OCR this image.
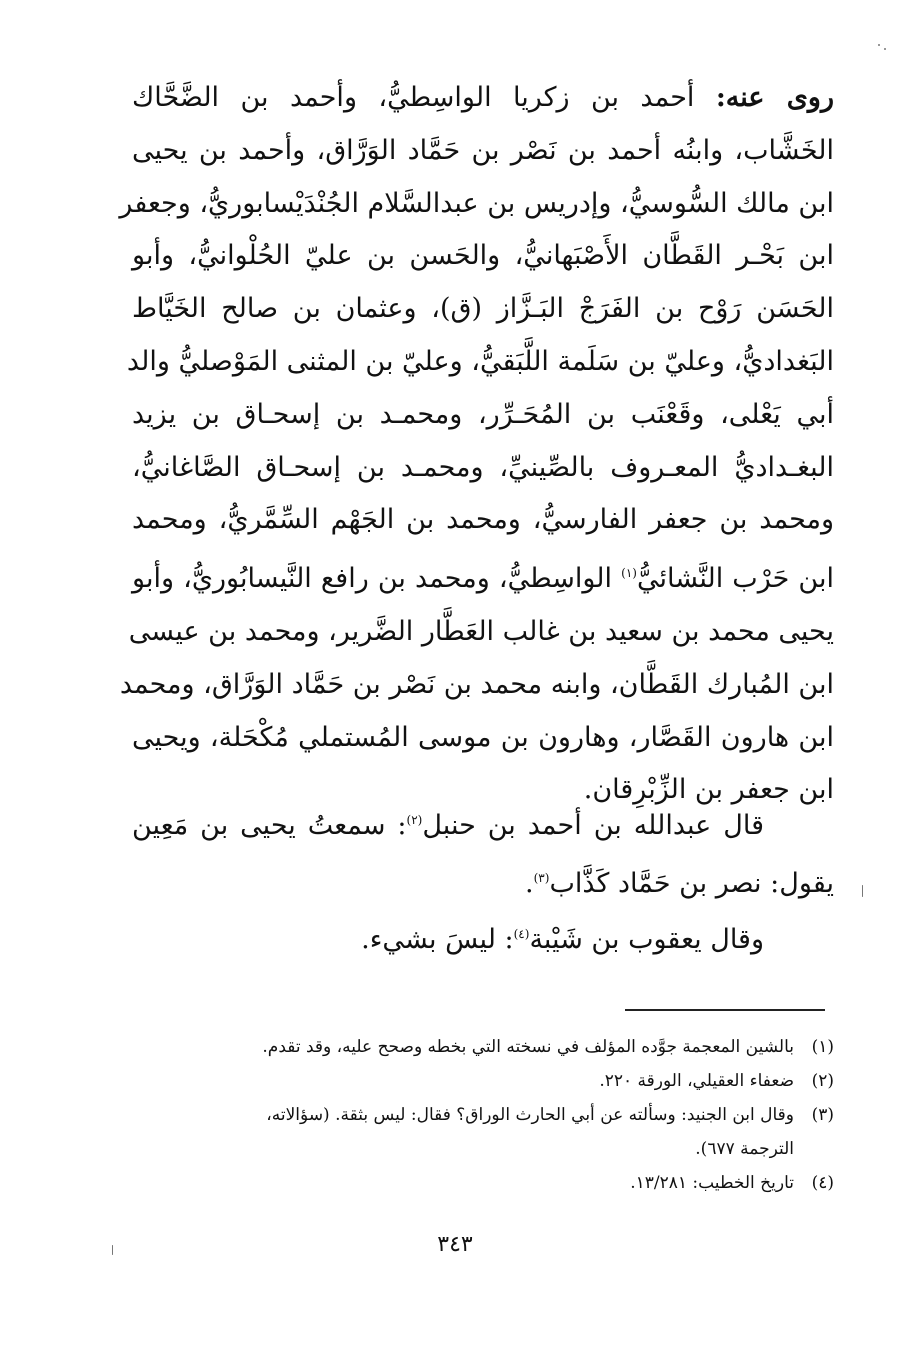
روى عنه: أحمد بن زكريا الواسِطيُّ، وأحمد بن الضَّحَّاك
الخَشَّاب، وابنُه أحمد بن نَصْر بن حَمَّاد الوَرَّاق، وأحمد بن يحيى
ابن مالك السُّوسيُّ، وإدريس بن عبدالسَّلام الجُنْدَيْسابوريُّ، وجعفر
ابن بَحْـر القَطَّان الأَصْبَهانيُّ، والحَسن بن عليّ الحُلْوانيُّ، وأبو
الحَسَن رَوْح بن الفَرَجْ البَـزَّاز (ق)، وعثمان بن صالح الخَيَّاط
البَغداديُّ، وعليّ بن سَلَمة اللَّبَقيُّ، وعليّ بن المثنى المَوْصليُّ والد
أبي يَعْلى، وقَعْنَب بن المُحَـرِّر، ومحمـد بن إسحـاق بن يزيد
البغـداديُّ المعـروف بالصِّينيِّ، ومحمـد بن إسحـاق الصَّاغانيُّ،
ومحمد بن جعفر الفارسيُّ، ومحمد بن الجَهْم السِّمَّريُّ، ومحمد
ابن حَرْب النَّشائيُّ$^{(١)}$ الواسِطيُّ، ومحمد بن رافع النَّيسابُوريُّ، وأبو
يحيى محمد بن سعيد بن غالب العَطَّار الضَّرير، ومحمد بن عيسى
ابن المُبارك القَطَّان، وابنه محمد بن نَصْر بن حَمَّاد الوَرَّاق، ومحمد
ابن هارون القَصَّار، وهارون بن موسى المُستملي مُكْحَلة، ويحيى
ابن جعفر بن الزِّبْرِقان.
قال عبدالله بن أحمد بن حنبل$^{(٢)}$: سمعتُ يحيى بن مَعِين
يقول: نصر بن حَمَّاد كَذَّاب$^{(٣)}$.
وقال يعقوب بن شَيْبة$^{(٤)}$: ليسَ بشيء.
(١)
بالشين المعجمة جوَّده المؤلف في نسخته التي بخطه وصحح عليه، وقد تقدم.
(٢)
ضعفاء العقيلي، الورقة ٢٢٠.
(٣)
وقال ابن الجنيد: وسألته عن أبي الحارث الوراق؟ فقال: ليس بثقة. (سؤالاته،
الترجمة ٦٧٧).
(٤)
تاريخ الخطيب: ١٣/٢٨١.
٣٤٣
